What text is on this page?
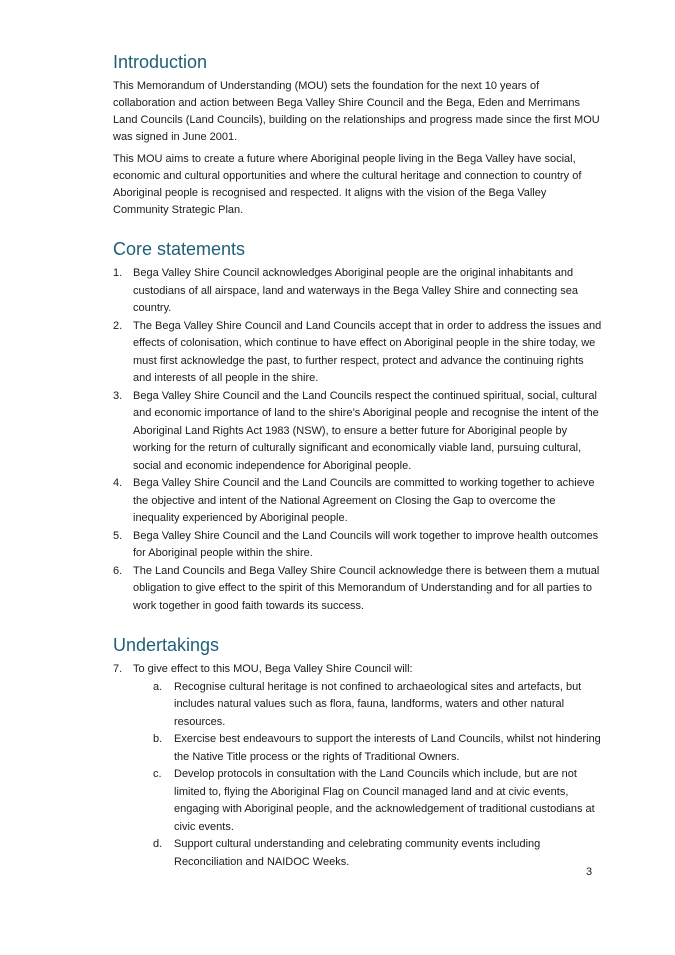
Introduction

This Memorandum of Understanding (MOU) sets the foundation for the next 10 years of collaboration and action between Bega Valley Shire Council and the Bega, Eden and Merrimans Land Councils (Land Councils), building on the relationships and progress made since the first MOU was signed in June 2001.

This MOU aims to create a future where Aboriginal people living in the Bega Valley have social, economic and cultural opportunities and where the cultural heritage and connection to country of Aboriginal people is recognised and respected. It aligns with the vision of the Bega Valley Community Strategic Plan.

Core statements
1. Bega Valley Shire Council acknowledges Aboriginal people are the original inhabitants and custodians of all airspace, land and waterways in the Bega Valley Shire and connecting sea country.
2. The Bega Valley Shire Council and Land Councils accept that in order to address the issues and effects of colonisation, which continue to have effect on Aboriginal people in the shire today, we must first acknowledge the past, to further respect, protect and advance the continuing rights and interests of all people in the shire.
3. Bega Valley Shire Council and the Land Councils respect the continued spiritual, social, cultural and economic importance of land to the shire’s Aboriginal people and recognise the intent of the Aboriginal Land Rights Act 1983 (NSW), to ensure a better future for Aboriginal people by working for the return of culturally significant and economically viable land, pursuing cultural, social and economic independence for Aboriginal people.
4. Bega Valley Shire Council and the Land Councils are committed to working together to achieve the objective and intent of the National Agreement on Closing the Gap to overcome the inequality experienced by Aboriginal people.
5. Bega Valley Shire Council and the Land Councils will work together to improve health outcomes for Aboriginal people within the shire.
6. The Land Councils and Bega Valley Shire Council acknowledge there is between them a mutual obligation to give effect to the spirit of this Memorandum of Understanding and for all parties to work together in good faith towards its success.
Undertakings
7. To give effect to this MOU, Bega Valley Shire Council will:
a. Recognise cultural heritage is not confined to archaeological sites and artefacts, but includes natural values such as flora, fauna, landforms, waters and other natural resources.
b. Exercise best endeavours to support the interests of Land Councils, whilst not hindering the Native Title process or the rights of Traditional Owners.
c. Develop protocols in consultation with the Land Councils which include, but are not limited to, flying the Aboriginal Flag on Council managed land and at civic events, engaging with Aboriginal people, and the acknowledgement of traditional custodians at civic events.
d. Support cultural understanding and celebrating community events including Reconciliation and NAIDOC Weeks.
3
